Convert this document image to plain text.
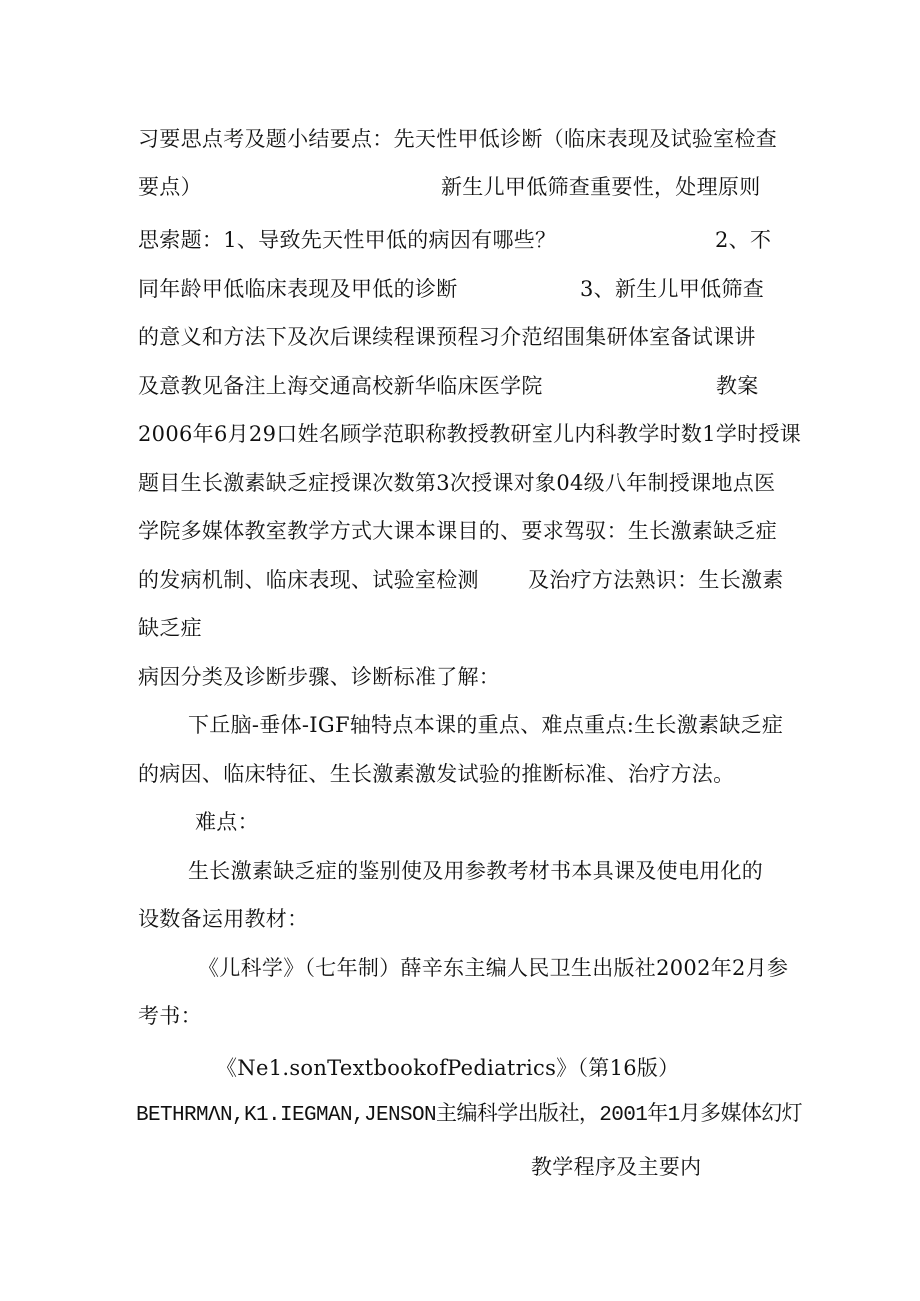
习要思点考及题小结要点：先天性甲低诊断（临床表现及试验室检查
要点）	新生儿甲低筛查重要性，处理原则
思索题：1、导致先天性甲低的病因有哪些？	2、不
同年龄甲低临床表现及甲低的诊断	3、新生儿甲低筛查
的意义和方法下及次后课续程课预程习介范绍围集研体室备试课讲
及意教见备注上海交通高校新华临床医学院	教案
2006年6月29口姓名顾学范职称教授教研室儿内科教学时数1学时授课
题目生长激素缺乏症授课次数第3次授课对象04级八年制授课地点医
学院多媒体教室教学方式大课本课目的、要求驾驭：生长激素缺乏症
的发病机制、临床表现、试验室检测 及治疗方法熟识：生长激素
缺乏症
病因分类及诊断步骤、诊断标准了解：
下丘脑-垂体-IGF轴特点本课的重点、难点重点:生长激素缺乏症
的病因、临床特征、生长激素激发试验的推断标准、治疗方法。
难点：
生长激素缺乏症的鉴别使及用参教考材书本具课及使电用化的
设数备运用教材：
《儿科学》（七年制）薛辛东主编人民卫生出版社2002年2月参
考书：
《Ne1.sonTextbookofPediatrics》（第16版）
BETHRMΛN,K1.IEGMAN,JENSON主编科学出版社，2001年1月多媒体幻灯
教学程序及主要内
